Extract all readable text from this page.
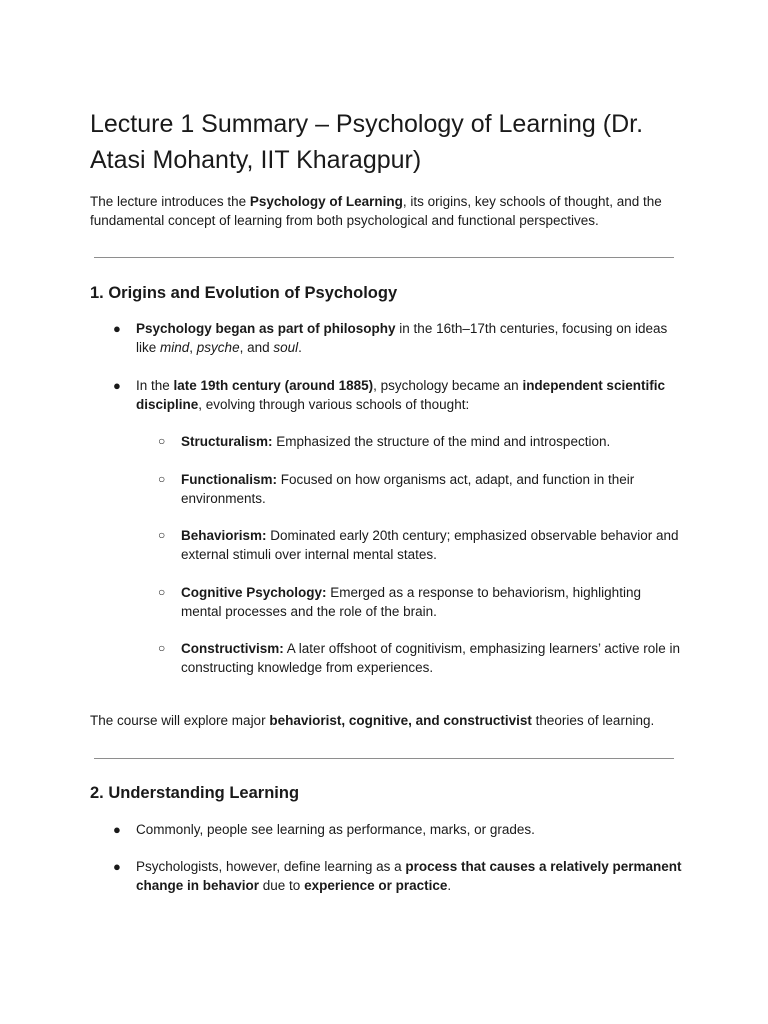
Lecture 1 Summary – Psychology of Learning (Dr. Atasi Mohanty, IIT Kharagpur)

The lecture introduces the Psychology of Learning, its origins, key schools of thought, and the fundamental concept of learning from both psychological and functional perspectives.

1. Origins and Evolution of Psychology
● Psychology began as part of philosophy in the 16th–17th centuries, focusing on ideas like mind, psyche, and soul.
● In the late 19th century (around 1885), psychology became an independent scientific discipline, evolving through various schools of thought:
○ Structuralism: Emphasized the structure of the mind and introspection.
○ Functionalism: Focused on how organisms act, adapt, and function in their environments.
○ Behaviorism: Dominated early 20th century; emphasized observable behavior and external stimuli over internal mental states.
○ Cognitive Psychology: Emerged as a response to behaviorism, highlighting mental processes and the role of the brain.
○ Constructivism: A later offshoot of cognitivism, emphasizing learners’ active role in constructing knowledge from experiences.

The course will explore major behaviorist, cognitive, and constructivist theories of learning.

2. Understanding Learning
● Commonly, people see learning as performance, marks, or grades.
● Psychologists, however, define learning as a process that causes a relatively permanent change in behavior due to experience or practice.
